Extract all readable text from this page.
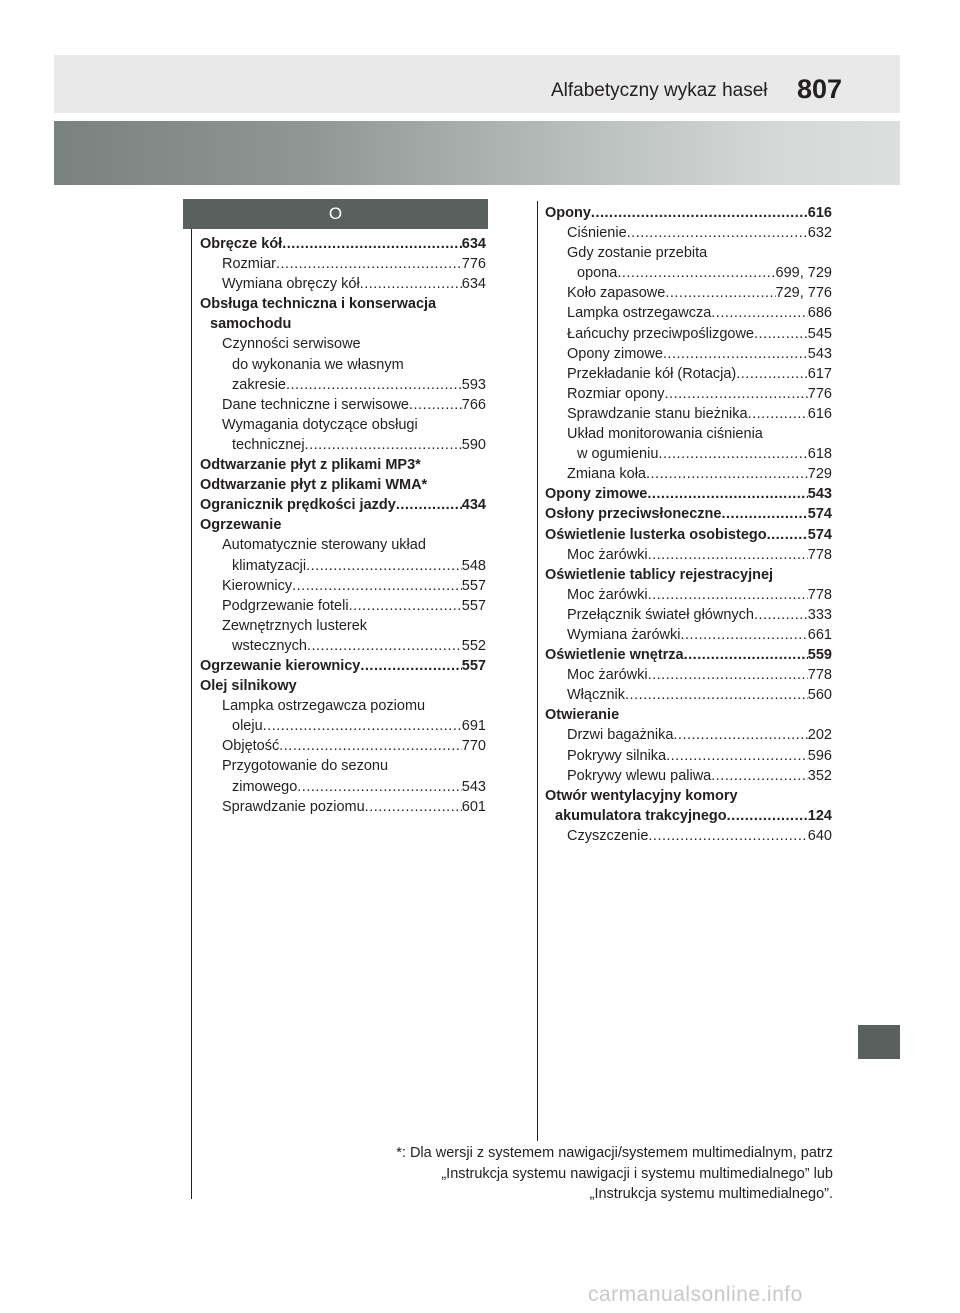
Alfabetyczny wykaz haseł 807
O
Obręcze kół .....	634
Rozmiar .....	776
Wymiana obręczy kół .....	634
Obsługa techniczna i konserwacja
samochodu
Czynności serwisowe
do wykonania we własnym
zakresie .....	593
Dane techniczne i serwisowe .....	766
Wymagania dotyczące obsługi
technicznej .....	590
Odtwarzanie płyt z plikami MP3*
Odtwarzanie płyt z plikami WMA*
Ogranicznik prędkości jazdy .....	434
Ogrzewanie
Automatycznie sterowany układ
klimatyzacji .....	548
Kierownicy .....	557
Podgrzewanie foteli .....	557
Zewnętrznych lusterek
wstecznych .....	552
Ogrzewanie kierownicy .....	557
Olej silnikowy
Lampka ostrzegawcza poziomu
oleju .....	691
Objętość .....	770
Przygotowanie do sezonu
zimowego .....	543
Sprawdzanie poziomu .....	601
Opony .....	616
Ciśnienie .....	632
Gdy zostanie przebita
opona .....	699, 729
Koło zapasowe .....	729, 776
Lampka ostrzegawcza .....	686
Łańcuchy przeciwpoślizgowe .....	545
Opony zimowe .....	543
Przekładanie kół (Rotacja) .....	617
Rozmiar opony .....	776
Sprawdzanie stanu bieżnika .....	616
Układ monitorowania ciśnienia
w ogumieniu .....	618
Zmiana koła .....	729
Opony zimowe .....	543
Osłony przeciwsłoneczne .....	574
Oświetlenie lusterka osobistego .....	574
Moc żarówki .....	778
Oświetlenie tablicy rejestracyjnej
Moc żarówki .....	778
Przełącznik świateł głównych .....	333
Wymiana żarówki .....	661
Oświetlenie wnętrza .....	559
Moc żarówki .....	778
Włącznik .....	560
Otwieranie
Drzwi bagażnika .....	202
Pokrywy silnika .....	596
Pokrywy wlewu paliwa .....	352
Otwór wentylacyjny komory
akumulatora trakcyjnego .....	124
Czyszczenie .....	640
*: Dla wersji z systemem nawigacji/systemem multimedialnym, patrz
„Instrukcja systemu nawigacji i systemu multimedialnego” lub
„Instrukcja systemu multimedialnego”.
carmanualsonline.info
